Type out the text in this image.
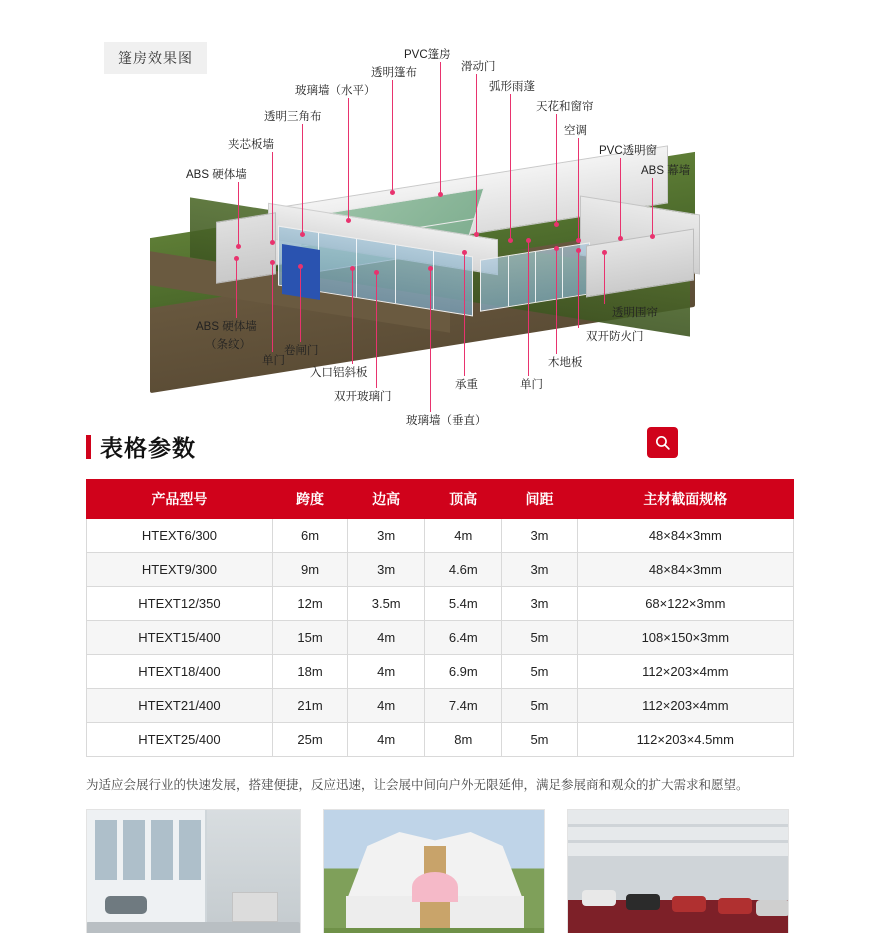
篷房效果图
ABS 硬体墙
夹芯板墙
透明三角布
玻璃墙（水平）
透明篷布
PVC篷房
滑动门
弧形雨蓬
天花和窗帘
空调
PVC透明窗
ABS 幕墙
透明围帘
双开防火门
木地板
单门
承重
玻璃墙（垂直）
双开玻璃门
入口铝斜板
卷闸门
单门
ABS 硬体墙
（条纹）
表格参数
产品型号	跨度	边高	顶高	间距	主材截面规格
HTEXT6/300	6m	3m	4m	3m	48×84×3mm
HTEXT9/300	9m	3m	4.6m	3m	48×84×3mm
HTEXT12/350	12m	3.5m	5.4m	3m	68×122×3mm
HTEXT15/400	15m	4m	6.4m	5m	108×150×3mm
HTEXT18/400	18m	4m	6.9m	5m	112×203×4mm
HTEXT21/400	21m	4m	7.4m	5m	112×203×4mm
HTEXT25/400	25m	4m	8m	5m	112×203×4.5mm
为适应会展行业的快速发展，搭建便捷，反应迅速，让会展中间向户外无限延伸，满足参展商和观众的扩大需求和愿望。
